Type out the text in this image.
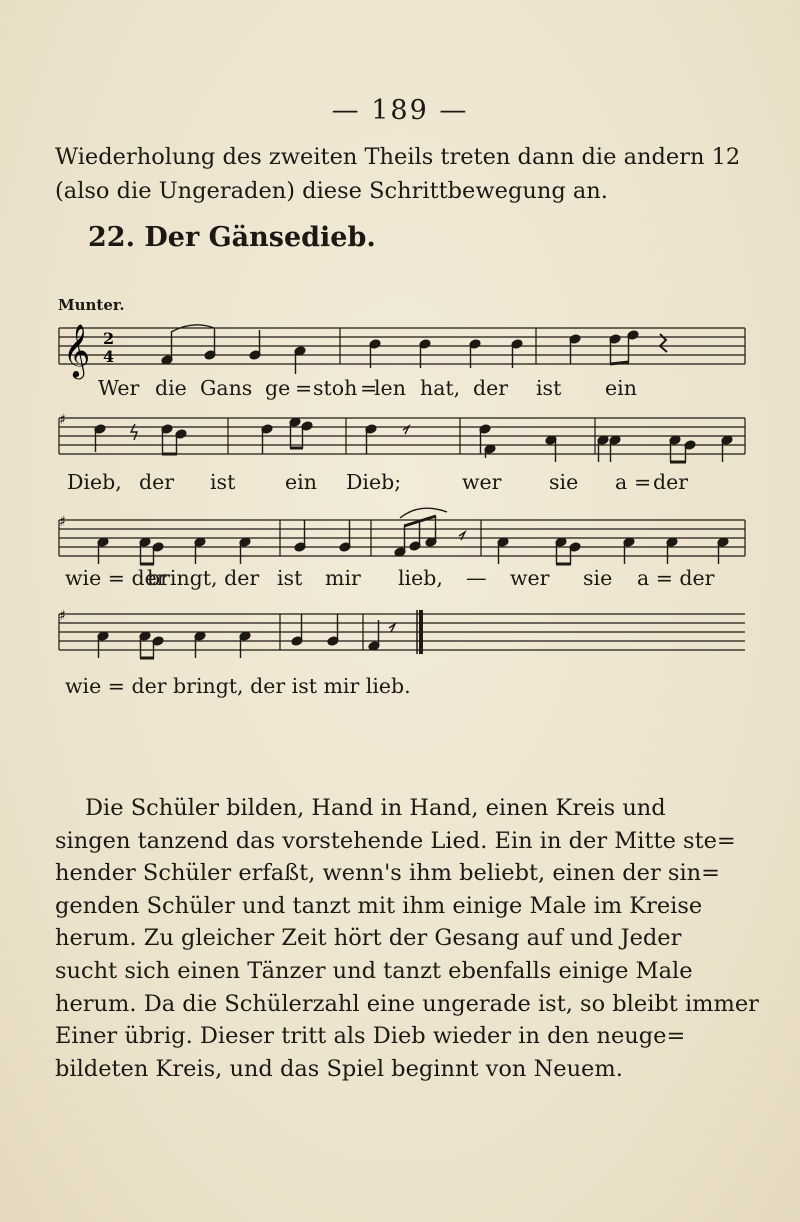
— 189 —

Wiederholung des zweiten Theils treten dann die andern 12
(also die Ungeraden) diese Schrittbewegung an.

22. Der Gänsedieb.
Munter.
𝄞 2
4
Wer die Gans ge = stoh =
len hat, der ist ein
♯
Dieb, der ist ein Dieb;	wer sie a = der
♯
wie = der
bringt, der ist mir lieb, — wer sie a = der
♯
wie = der bringt, der ist mir lieb.

Die Schüler bilden, Hand in Hand, einen Kreis und
singen tanzend das vorstehende Lied. Ein in der Mitte ste=
hender Schüler erfaßt, wenn's ihm beliebt, einen der sin=
genden Schüler und tanzt mit ihm einige Male im Kreise
herum. Zu gleicher Zeit hört der Gesang auf und Jeder
sucht sich einen Tänzer und tanzt ebenfalls einige Male
herum. Da die Schülerzahl eine ungerade ist, so bleibt immer
Einer übrig. Dieser tritt als Dieb wieder in den neuge=
bildeten Kreis, und das Spiel beginnt von Neuem.
